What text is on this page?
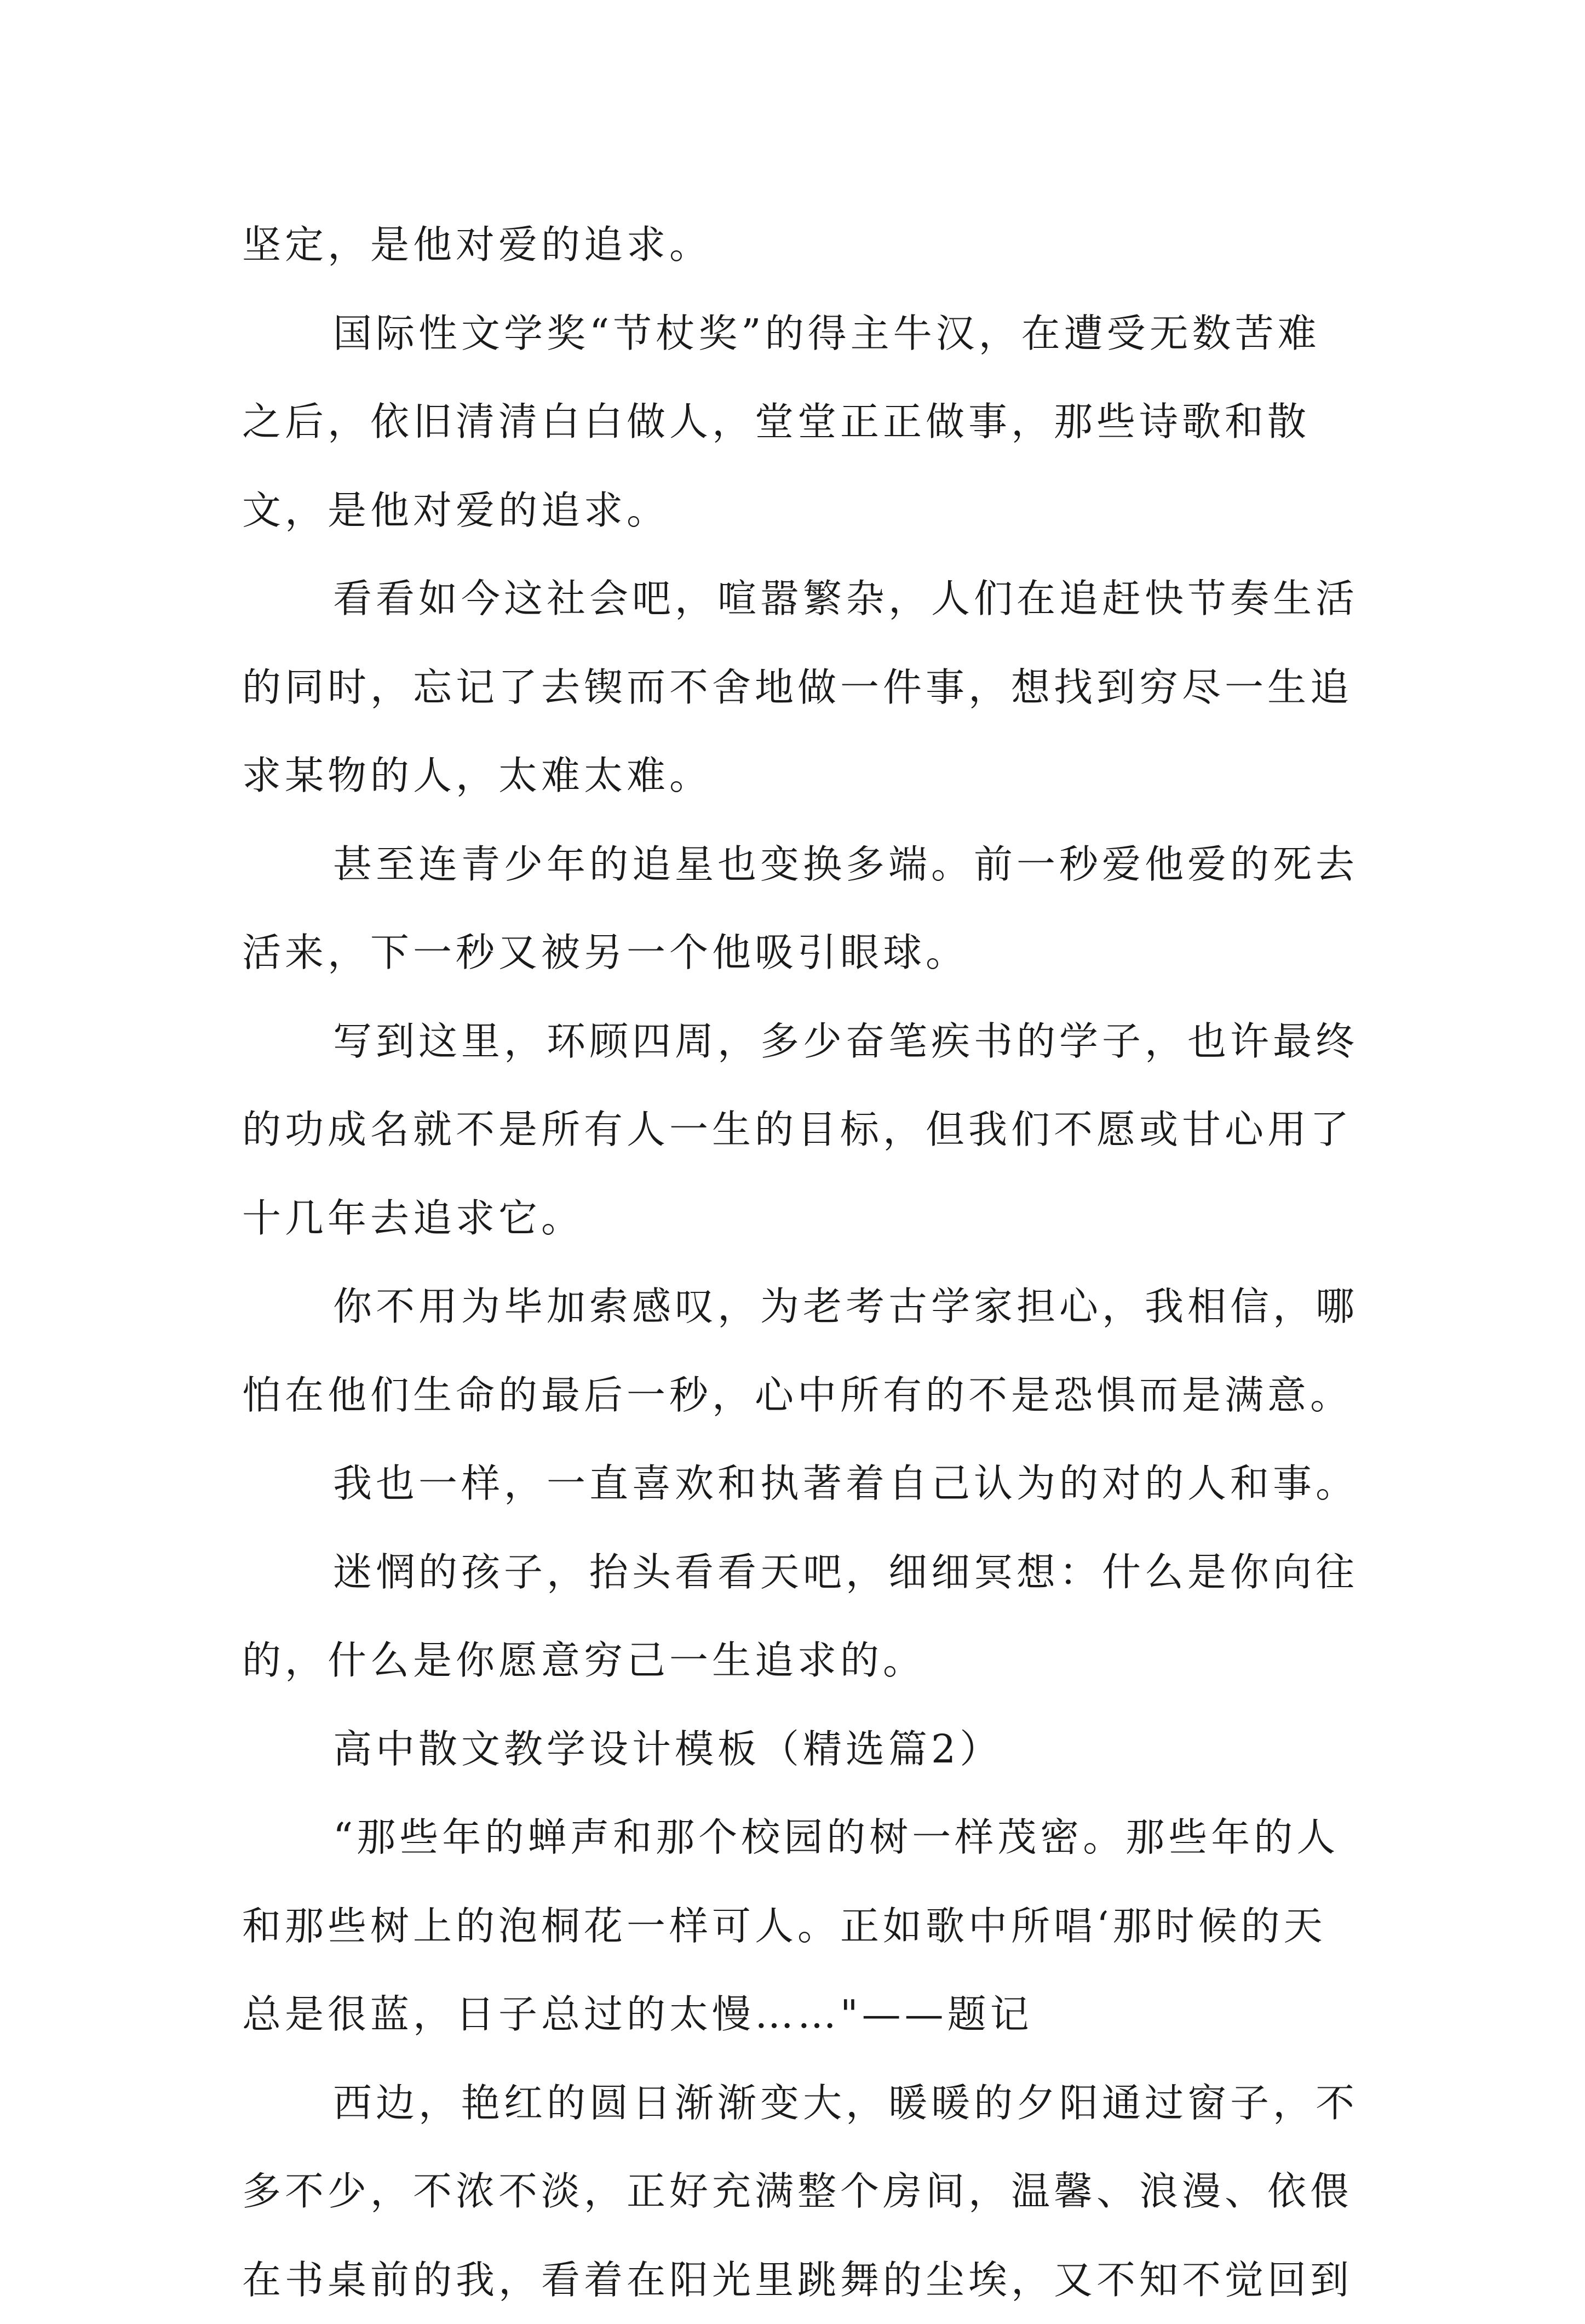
坚定，是他对爱的追求。

国际性文学奖“节杖奖”的得主牛汉，在遭受无数苦难之后，依旧清清白白做人，堂堂正正做事，那些诗歌和散文，是他对爱的追求。

看看如今这社会吧，喧嚣繁杂，人们在追赶快节奏生活的同时，忘记了去锲而不舍地做一件事，想找到穷尽一生追求某物的人，太难太难。

甚至连青少年的追星也变换多端。前一秒爱他爱的死去活来，下一秒又被另一个他吸引眼球。

写到这里，环顾四周，多少奋笔疾书的学子，也许最终的功成名就不是所有人一生的目标，但我们不愿或甘心用了十几年去追求它。

你不用为毕加索感叹，为老考古学家担心，我相信，哪怕在他们生命的最后一秒，心中所有的不是恐惧而是满意。

我也一样，一直喜欢和执著着自己认为的对的人和事。

迷惘的孩子，抬头看看天吧，细细冥想：什么是你向往的，什么是你愿意穷己一生追求的。

高中散文教学设计模板（精选篇2）

“那些年的蝉声和那个校园的树一样茂密。那些年的人和那些树上的泡桐花一样可人。正如歌中所唱‘那时候的天总是很蓝，日子总过的太慢……"——题记

西边，艳红的圆日渐渐变大，暖暖的夕阳通过窗子，不多不少，不浓不淡，正好充满整个房间，温馨、浪漫、依偎在书桌前的我，看着在阳光里跳舞的尘埃，又不知不觉回到
